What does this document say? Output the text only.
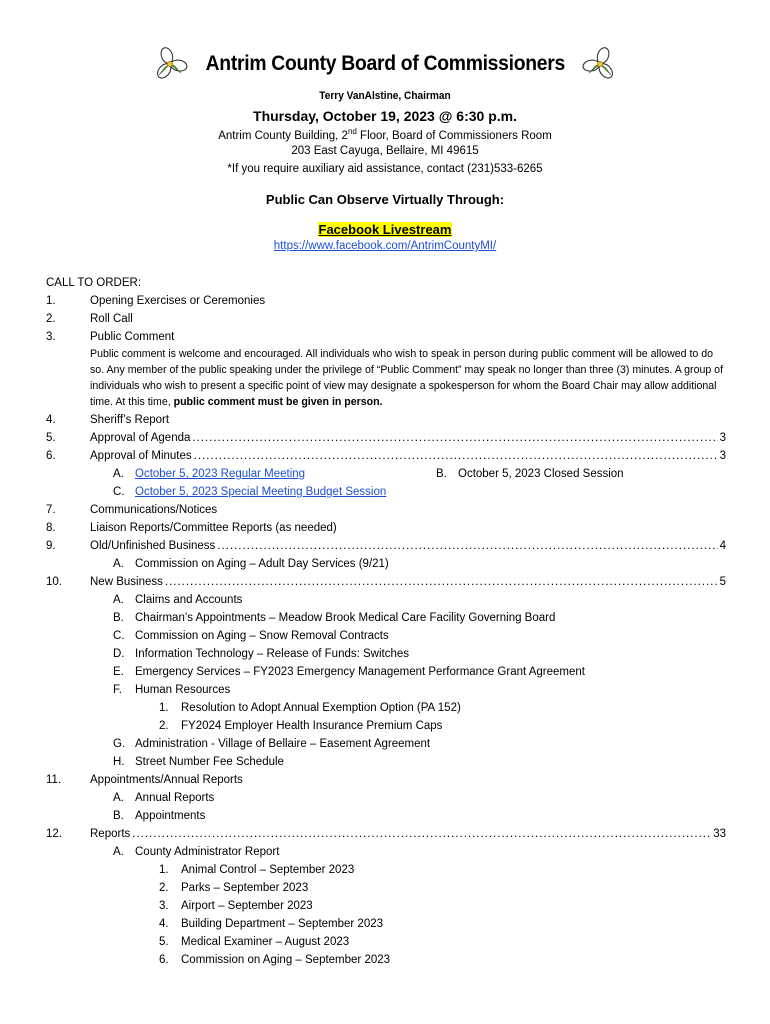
Antrim County Board of Commissioners
Terry VanAlstine, Chairman
Thursday, October 19, 2023 @ 6:30 p.m.
Antrim County Building, 2nd Floor, Board of Commissioners Room
203 East Cayuga, Bellaire, MI 49615
*If you require auxiliary aid assistance, contact (231)533-6265
Public Can Observe Virtually Through:
Facebook Livestream
https://www.facebook.com/AntrimCountyMI/
CALL TO ORDER:
1.	Opening Exercises or Ceremonies
2.	Roll Call
3.	Public Comment
Public comment is welcome and encouraged. All individuals who wish to speak in person during public comment will be allowed to do so. Any member of the public speaking under the privilege of “Public Comment” may speak no longer than three (3) minutes. A group of individuals who wish to present a specific point of view may designate a spokesperson for whom the Board Chair may allow additional time. At this time, public comment must be given in person.
4.	Sheriff’s Report
5.	Approval of Agenda .....	3
6.	Approval of Minutes .....	3
A. October 5, 2023 Regular Meeting	B. October 5, 2023 Closed Session
C. October 5, 2023 Special Meeting Budget Session
7.	Communications/Notices
8.	Liaison Reports/Committee Reports (as needed)
9.	Old/Unfinished Business .....	4
A. Commission on Aging – Adult Day Services (9/21)
10. New Business .....	5
A. Claims and Accounts
B. Chairman’s Appointments – Meadow Brook Medical Care Facility Governing Board
C. Commission on Aging – Snow Removal Contracts
D. Information Technology – Release of Funds: Switches
E. Emergency Services – FY2023 Emergency Management Performance Grant Agreement
F. Human Resources
1. Resolution to Adopt Annual Exemption Option (PA 152)
2. FY2024 Employer Health Insurance Premium Caps
G. Administration - Village of Bellaire – Easement Agreement
H. Street Number Fee Schedule
11.	Appointments/Annual Reports
A. Annual Reports
B. Appointments
12. Reports .....	33
A. County Administrator Report
1. Animal Control – September 2023
2. Parks – September 2023
3. Airport – September 2023
4. Building Department – September 2023
5. Medical Examiner – August 2023
6. Commission on Aging – September 2023
